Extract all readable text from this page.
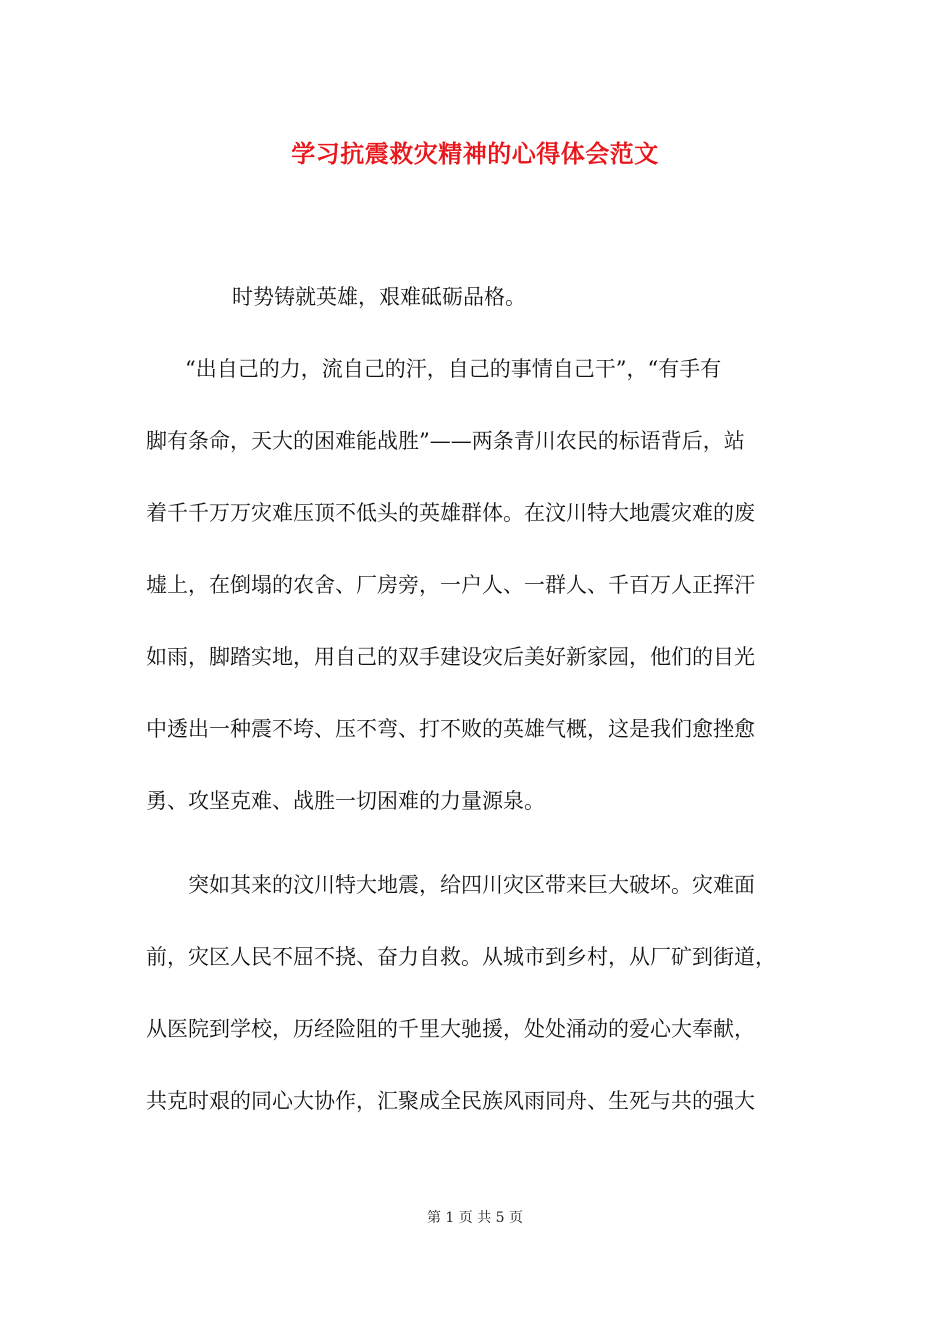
学习抗震救灾精神的心得体会范文

时势铸就英雄，艰难砥砺品格。

“出自己的力，流自己的汗，自己的事情自己干”，“有手有

脚有条命，天大的困难能战胜”——两条青川农民的标语背后，站

着千千万万灾难压顶不低头的英雄群体。在汶川特大地震灾难的废

墟上，在倒塌的农舍、厂房旁，一户人、一群人、千百万人正挥汗

如雨，脚踏实地，用自己的双手建设灾后美好新家园，他们的目光

中透出一种震不垮、压不弯、打不败的英雄气概，这是我们愈挫愈

勇、攻坚克难、战胜一切困难的力量源泉。

突如其来的汶川特大地震，给四川灾区带来巨大破坏。灾难面

前，灾区人民不屈不挠、奋力自救。从城市到乡村，从厂矿到街道，

从医院到学校，历经险阻的千里大驰援，处处涌动的爱心大奉献，

共克时艰的同心大协作，汇聚成全民族风雨同舟、生死与共的强大

第 1 页 共 5 页
